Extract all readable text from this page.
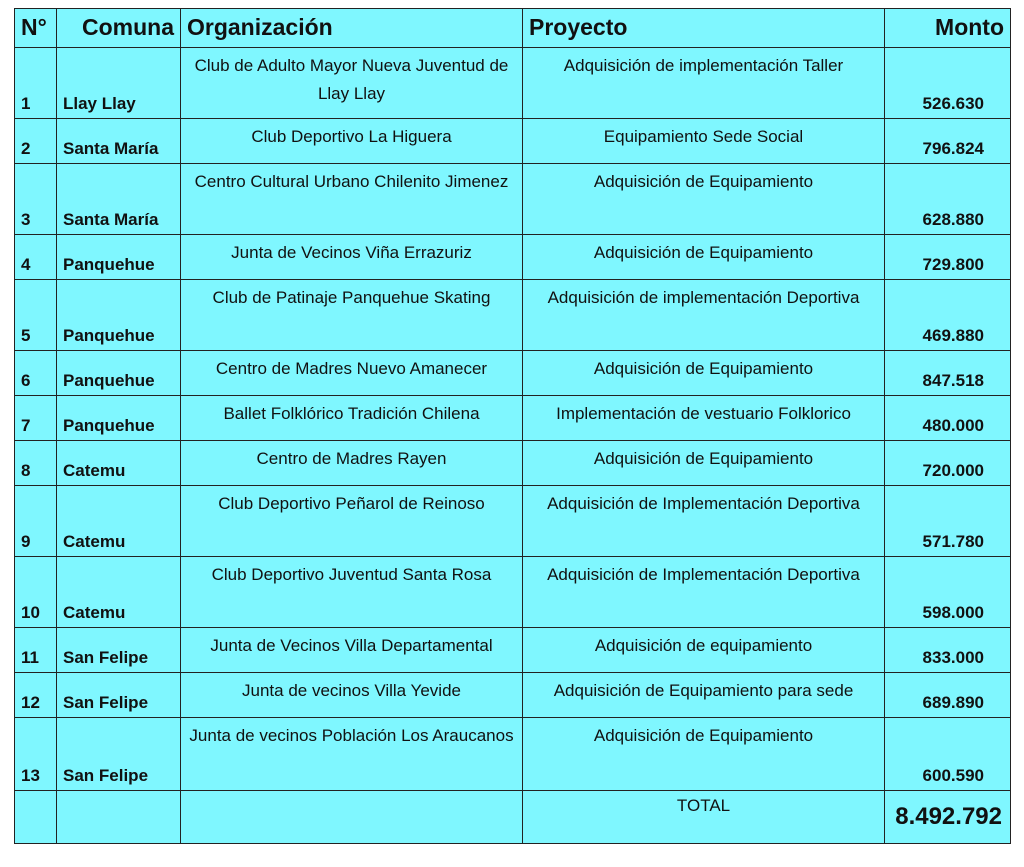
N°	Comuna	Organización	Proyecto	Monto
1	Llay Llay	Club de Adulto Mayor Nueva Juventud de Llay Llay	Adquisición de implementación Taller	526.630
2	Santa María	Club Deportivo La Higuera	Equipamiento Sede Social	796.824
3	Santa María	Centro Cultural Urbano Chilenito Jimenez	Adquisición de Equipamiento	628.880
4	Panquehue	Junta de Vecinos Viña Errazuriz	Adquisición de Equipamiento	729.800
5	Panquehue	Club de Patinaje Panquehue Skating	Adquisición de implementación Deportiva	469.880
6	Panquehue	Centro de Madres Nuevo Amanecer	Adquisición de Equipamiento	847.518
7	Panquehue	Ballet Folklórico Tradición Chilena	Implementación de vestuario Folklorico	480.000
8	Catemu	Centro de Madres Rayen	Adquisición de Equipamiento	720.000
9	Catemu	Club Deportivo Peñarol de Reinoso	Adquisición de Implementación Deportiva	571.780
10	Catemu	Club Deportivo Juventud Santa Rosa	Adquisición de Implementación Deportiva	598.000
11	San Felipe	Junta de Vecinos Villa Departamental	Adquisición de equipamiento	833.000
12	San Felipe	Junta de vecinos Villa Yevide	Adquisición de Equipamiento para sede	689.890
13	San Felipe	Junta de vecinos Población Los Araucanos	Adquisición de Equipamiento	600.590
			TOTAL	8.492.792
